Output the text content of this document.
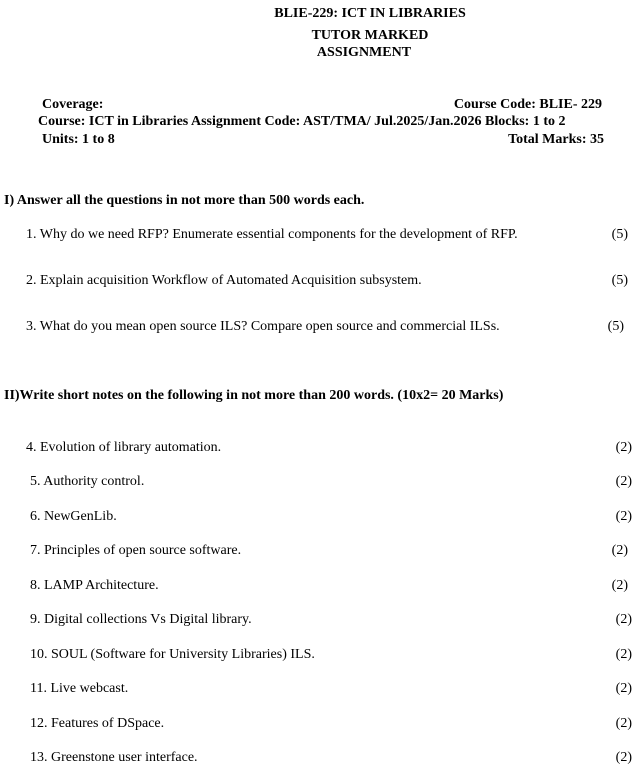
BLIE-229: ICT IN LIBRARIES
TUTOR MARKED
ASSIGNMENT
Coverage:	Course Code: BLIE- 229
Course: ICT in Libraries Assignment Code: AST/TMA/ Jul.2025/Jan.2026 Blocks: 1 to 2
Units: 1 to 8	Total Marks: 35
I) Answer all the questions in not more than 500 words each.
1. Why do we need RFP? Enumerate essential components for the development of RFP.	(5)
2. Explain acquisition Workflow of Automated Acquisition subsystem.	(5)
3. What do you mean open source ILS? Compare open source and commercial ILSs.	(5)
II)Write short notes on the following in not more than 200 words. (10x2= 20 Marks)
4. Evolution of library automation.	(2)
5. Authority control.	(2)
6. NewGenLib.	(2)
7. Principles of open source software.	(2)
8. LAMP Architecture.	(2)
9. Digital collections Vs Digital library.	(2)
10. SOUL (Software for University Libraries) ILS.	(2)
11. Live webcast.	(2)
12. Features of DSpace.	(2)
13. Greenstone user interface.	(2)
